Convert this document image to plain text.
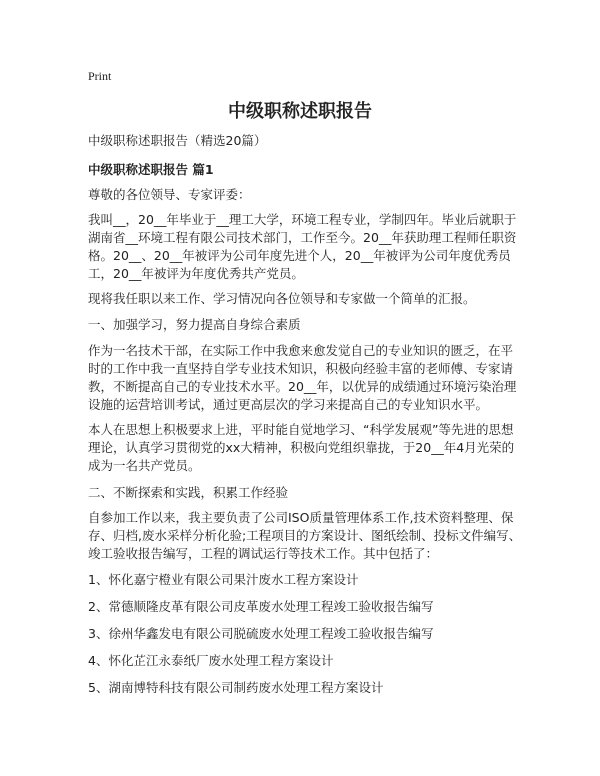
Print
中级职称述职报告
中级职称述职报告（精选20篇）
中级职称述职报告 篇1
尊敬的各位领导、专家评委：
我叫__，20__年毕业于__理工大学，环境工程专业，学制四年。毕业后就职于湖南省__环境工程有限公司技术部门，工作至今。20__年获助理工程师任职资格。20__、20__年被评为公司年度先进个人，20__年被评为公司年度优秀员工，20__年被评为年度优秀共产党员。
现将我任职以来工作、学习情况向各位领导和专家做一个简单的汇报。
一、加强学习，努力提高自身综合素质
作为一名技术干部，在实际工作中我愈来愈发觉自己的专业知识的匮乏，在平时的工作中我一直坚持自学专业技术知识，积极向经验丰富的老师傅、专家请教，不断提高自己的专业技术水平。20__年，以优异的成绩通过环境污染治理设施的运营培训考试，通过更高层次的学习来提高自己的专业知识水平。
本人在思想上积极要求上进，平时能自觉地学习、“科学发展观”等先进的思想理论，认真学习贯彻党的xx大精神，积极向党组织靠拢，于20__年4月光荣的成为一名共产党员。
二、不断探索和实践，积累工作经验
自参加工作以来，我主要负责了公司ISO质量管理体系工作,技术资料整理、保存、归档,废水采样分析化验;工程项目的方案设计、图纸绘制、投标文件编写、竣工验收报告编写，工程的调试运行等技术工作。其中包括了：
1、怀化嘉宁橙业有限公司果汁废水工程方案设计
2、常德顺隆皮革有限公司皮革废水处理工程竣工验收报告编写
3、徐州华鑫发电有限公司脱硫废水处理工程竣工验收报告编写
4、怀化芷江永泰纸厂废水处理工程方案设计
5、湖南博特科技有限公司制药废水处理工程方案设计
